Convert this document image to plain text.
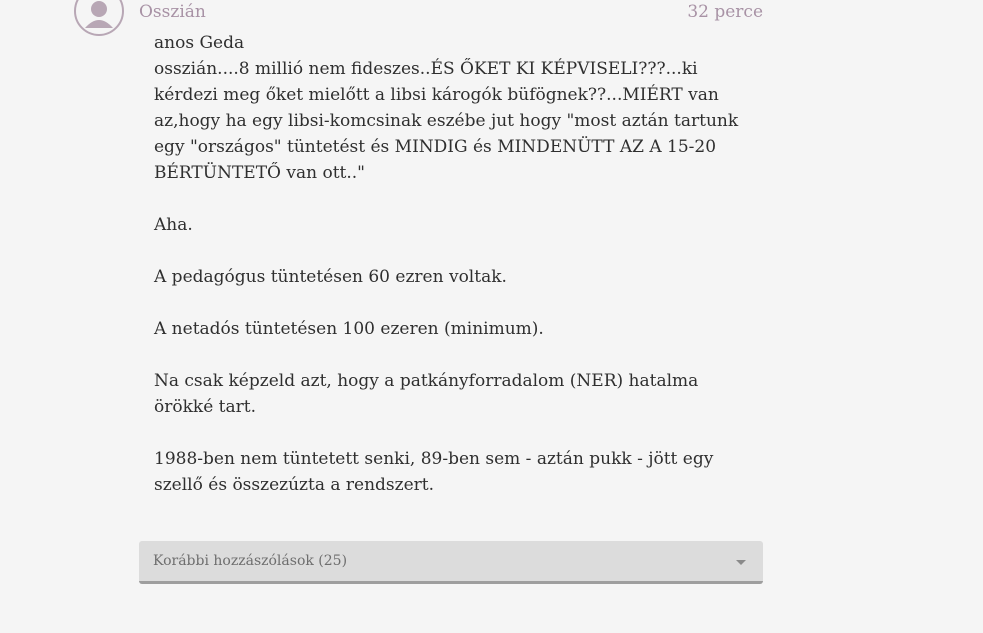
Osszián	32 perce

anos Geda
osszián....8 millió nem fideszes..ÉS ŐKET KI KÉPVISELI???...ki kérdezi meg őket mielőtt a libsi károgók büfögnek??...MIÉRT van az,hogy ha egy libsi-komcsinak eszébe jut hogy "most aztán tartunk egy "országos" tüntetést és MINDIG és MINDENÜTT AZ A 15-20 BÉRTÜNTETŐ van ott.."

Aha.

A pedagógus tüntetésen 60 ezren voltak.

A netadós tüntetésen 100 ezeren (minimum).

Na csak képzeld azt, hogy a patkányforradalom (NER) hatalma örökké tart.

1988-ben nem tüntetett senki, 89-ben sem - aztán pukk - jött egy szellő és összezúzta a rendszert.

Korábbi hozzászólások (25)
